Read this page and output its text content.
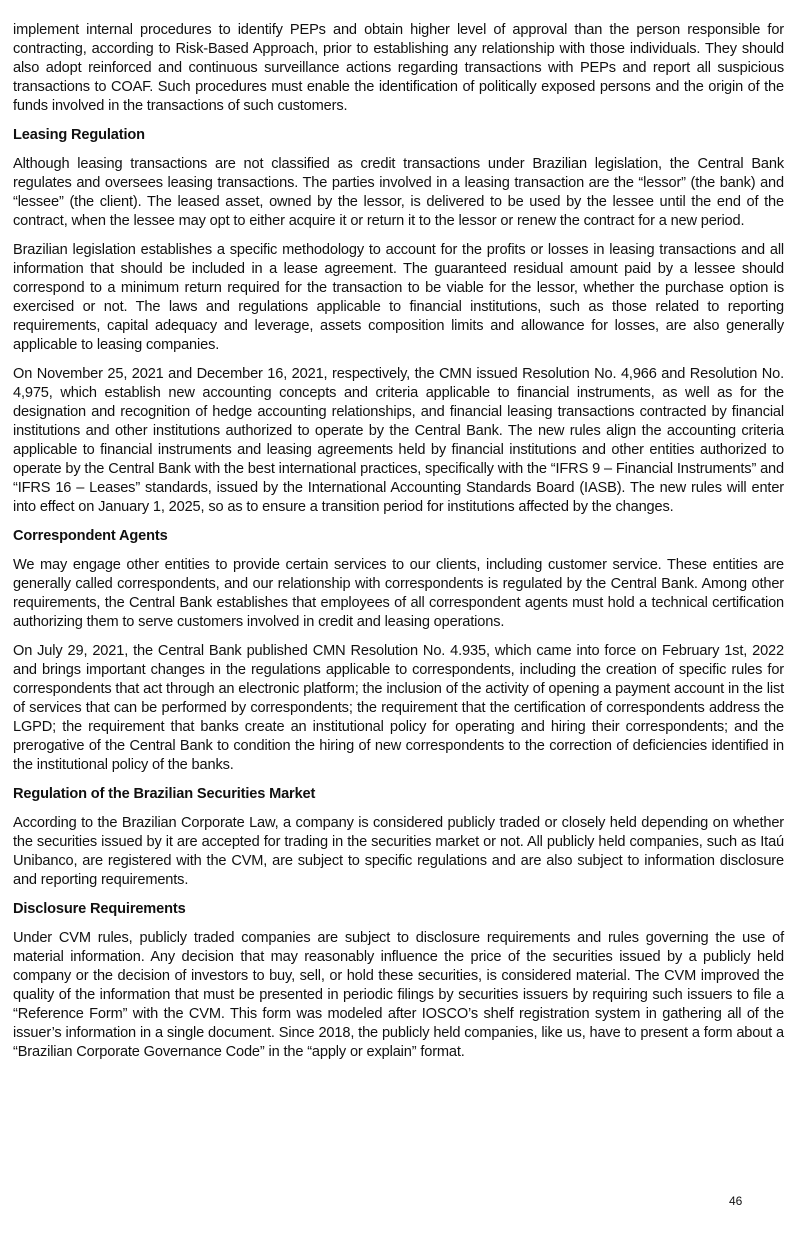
implement internal procedures to identify PEPs and obtain higher level of approval than the person responsible for contracting, according to Risk-Based Approach, prior to establishing any relationship with those individuals. They should also adopt reinforced and continuous surveillance actions regarding transactions with PEPs and report all suspicious transactions to COAF. Such procedures must enable the identification of politically exposed persons and the origin of the funds involved in the transactions of such customers.

Leasing Regulation

Although leasing transactions are not classified as credit transactions under Brazilian legislation, the Central Bank regulates and oversees leasing transactions. The parties involved in a leasing transaction are the “lessor” (the bank) and “lessee” (the client). The leased asset, owned by the lessor, is delivered to be used by the lessee until the end of the contract, when the lessee may opt to either acquire it or return it to the lessor or renew the contract for a new period.

Brazilian legislation establishes a specific methodology to account for the profits or losses in leasing transactions and all information that should be included in a lease agreement. The guaranteed residual amount paid by a lessee should correspond to a minimum return required for the transaction to be viable for the lessor, whether the purchase option is exercised or not. The laws and regulations applicable to financial institutions, such as those related to reporting requirements, capital adequacy and leverage, assets composition limits and allowance for losses, are also generally applicable to leasing companies.

On November 25, 2021 and December 16, 2021, respectively, the CMN issued Resolution No. 4,966 and Resolution No. 4,975, which establish new accounting concepts and criteria applicable to financial instruments, as well as for the designation and recognition of hedge accounting relationships, and financial leasing transactions contracted by financial institutions and other institutions authorized to operate by the Central Bank. The new rules align the accounting criteria applicable to financial instruments and leasing agreements held by financial institutions and other entities authorized to operate by the Central Bank with the best international practices, specifically with the “IFRS 9 – Financial Instruments” and “IFRS 16 – Leases” standards, issued by the International Accounting Standards Board (IASB). The new rules will enter into effect on January 1, 2025, so as to ensure a transition period for institutions affected by the changes.

Correspondent Agents

We may engage other entities to provide certain services to our clients, including customer service. These entities are generally called correspondents, and our relationship with correspondents is regulated by the Central Bank. Among other requirements, the Central Bank establishes that employees of all correspondent agents must hold a technical certification authorizing them to serve customers involved in credit and leasing operations.

On July 29, 2021, the Central Bank published CMN Resolution No. 4.935, which came into force on February 1st, 2022 and brings important changes in the regulations applicable to correspondents, including the creation of specific rules for correspondents that act through an electronic platform; the inclusion of the activity of opening a payment account in the list of services that can be performed by correspondents; the requirement that the certification of correspondents address the LGPD; the requirement that banks create an institutional policy for operating and hiring their correspondents; and the prerogative of the Central Bank to condition the hiring of new correspondents to the correction of deficiencies identified in the institutional policy of the banks.

Regulation of the Brazilian Securities Market

According to the Brazilian Corporate Law, a company is considered publicly traded or closely held depending on whether the securities issued by it are accepted for trading in the securities market or not. All publicly held companies, such as Itaú Unibanco, are registered with the CVM, are subject to specific regulations and are also subject to information disclosure and reporting requirements.

Disclosure Requirements

Under CVM rules, publicly traded companies are subject to disclosure requirements and rules governing the use of material information. Any decision that may reasonably influence the price of the securities issued by a publicly held company or the decision of investors to buy, sell, or hold these securities, is considered material. The CVM improved the quality of the information that must be presented in periodic filings by securities issuers by requiring such issuers to file a “Reference Form” with the CVM. This form was modeled after IOSCO’s shelf registration system in gathering all of the issuer’s information in a single document. Since 2018, the publicly held companies, like us, have to present a form about a “Brazilian Corporate Governance Code” in the “apply or explain” format.

46
